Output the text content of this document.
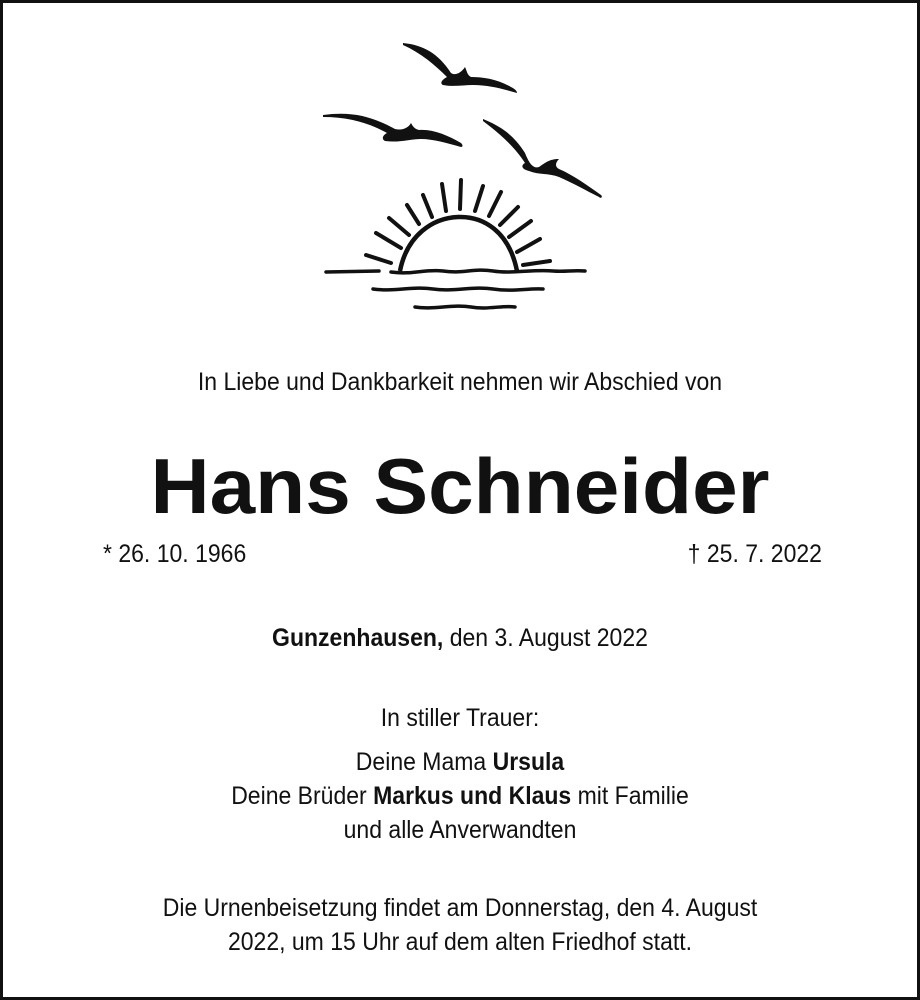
In Liebe und Dankbarkeit nehmen wir Abschied von
Hans Schneider
* 26. 10. 1966	† 25. 7. 2022
Gunzenhausen, den 3. August 2022
In stiller Trauer:
Deine Mama Ursula
Deine Brüder Markus und Klaus mit Familie
und alle Anverwandten
Die Urnenbeisetzung findet am Donnerstag, den 4. August
2022, um 15 Uhr auf dem alten Friedhof statt.
